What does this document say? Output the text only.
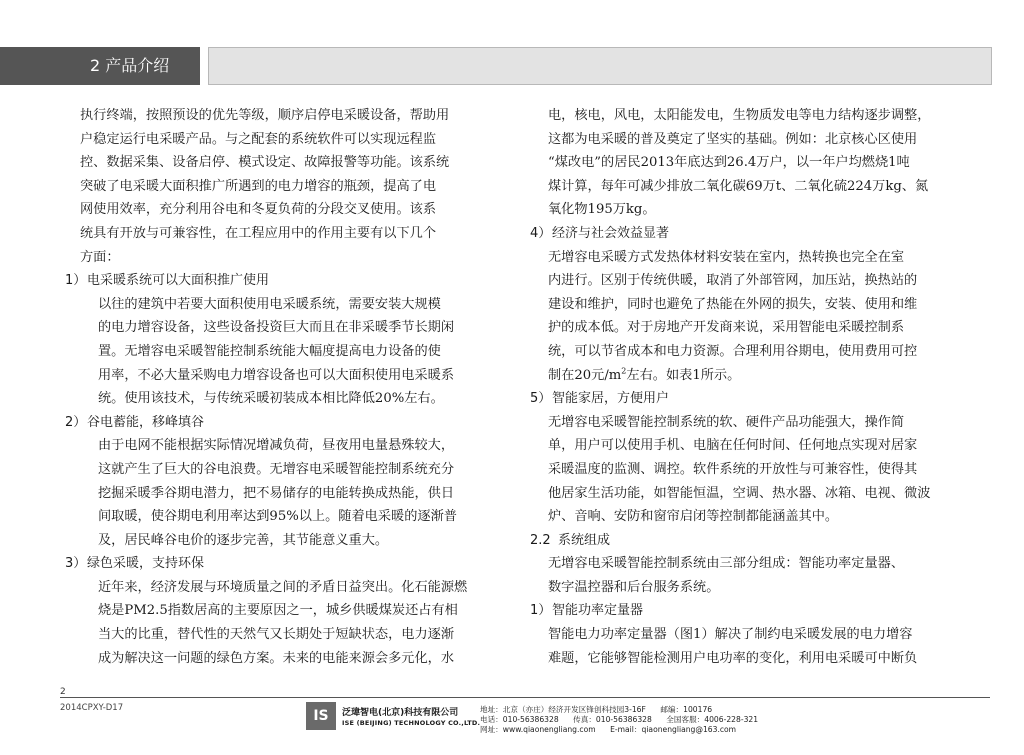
2 产品介绍
执行终端，按照预设的优先等级，顺序启停电采暖设备，帮助用
户稳定运行电采暖产品。与之配套的系统软件可以实现远程监
控、数据采集、设备启停、模式设定、故障报警等功能。该系统
突破了电采暖大面积推广所遇到的电力增容的瓶颈，提高了电
网使用效率，充分利用谷电和冬夏负荷的分段交叉使用。该系
统具有开放与可兼容性，在工程应用中的作用主要有以下几个
方面：
1） 电采暖系统可以大面积推广使用
以往的建筑中若要大面积使用电采暖系统，需要安装大规模
的电力增容设备，这些设备投资巨大而且在非采暖季节长期闲
置。无增容电采暖智能控制系统能大幅度提高电力设备的使
用率，不必大量采购电力增容设备也可以大面积使用电采暖系
统。使用该技术，与传统采暖初装成本相比降低20%左右。
2） 谷电蓄能，移峰填谷
由于电网不能根据实际情况增减负荷，昼夜用电量悬殊较大，
这就产生了巨大的谷电浪费。无增容电采暖智能控制系统充分
挖掘采暖季谷期电潜力，把不易储存的电能转换成热能，供日
间取暖，使谷期电利用率达到95%以上。随着电采暖的逐渐普
及，居民峰谷电价的逐步完善，其节能意义重大。
3） 绿色采暖，支持环保
近年来，经济发展与环境质量之间的矛盾日益突出。化石能源燃
烧是PM2.5指数居高的主要原因之一，城乡供暖煤炭还占有相
当大的比重，替代性的天然气又长期处于短缺状态，电力逐渐
成为解决这一问题的绿色方案。未来的电能来源会多元化，水
电，核电，风电，太阳能发电，生物质发电等电力结构逐步调整，
这都为电采暖的普及奠定了坚实的基础。例如：北京核心区使用
“煤改电”的居民2013年底达到26.4万户，以一年户均燃烧1吨
煤计算，每年可减少排放二氧化碳69万t、二氧化硫224万kg、氮
氧化物195万kg。
4） 经济与社会效益显著
无增容电采暖方式发热体材料安装在室内，热转换也完全在室
内进行。区别于传统供暖，取消了外部管网，加压站，换热站的
建设和维护，同时也避免了热能在外网的损失，安装、使用和维
护的成本低。对于房地产开发商来说，采用智能电采暖控制系
统，可以节省成本和电力资源。合理利用谷期电，使用费用可控
制在20元$/m^2$左右。如表1所示。
5） 智能家居，方便用户
无增容电采暖智能控制系统的软、硬件产品功能强大，操作简
单，用户可以使用手机、电脑在任何时间、任何地点实现对居家
采暖温度的监测、调控。软件系统的开放性与可兼容性，使得其
他居家生活功能，如智能恒温，空调、热水器、冰箱、电视、微波
炉、音响、安防和窗帘启闭等控制都能涵盖其中。
2.2 系统组成
无增容电采暖智能控制系统由三部分组成：智能功率定量器、
数字温控器和后台服务系统。
1） 智能功率定量器
智能电力功率定量器（图1）解决了制约电采暖发展的电力增容
难题，它能够智能检测用户电功率的变化，利用电采暖可中断负
2
2014CPXY-D17	IS	泛瑋智电(北京)科技有限公司
ISE (BEIJING) TECHNOLOGY CO.,LTD.
地址：北京（亦庄）经济开发区锋创科技园3-16F      邮编：100176
电话：010-56386328      传真：010-56386328      全国客服：4006-228-321
网址：www.qiaonengliang.com      E-mail：qiaonengliang@163.com
